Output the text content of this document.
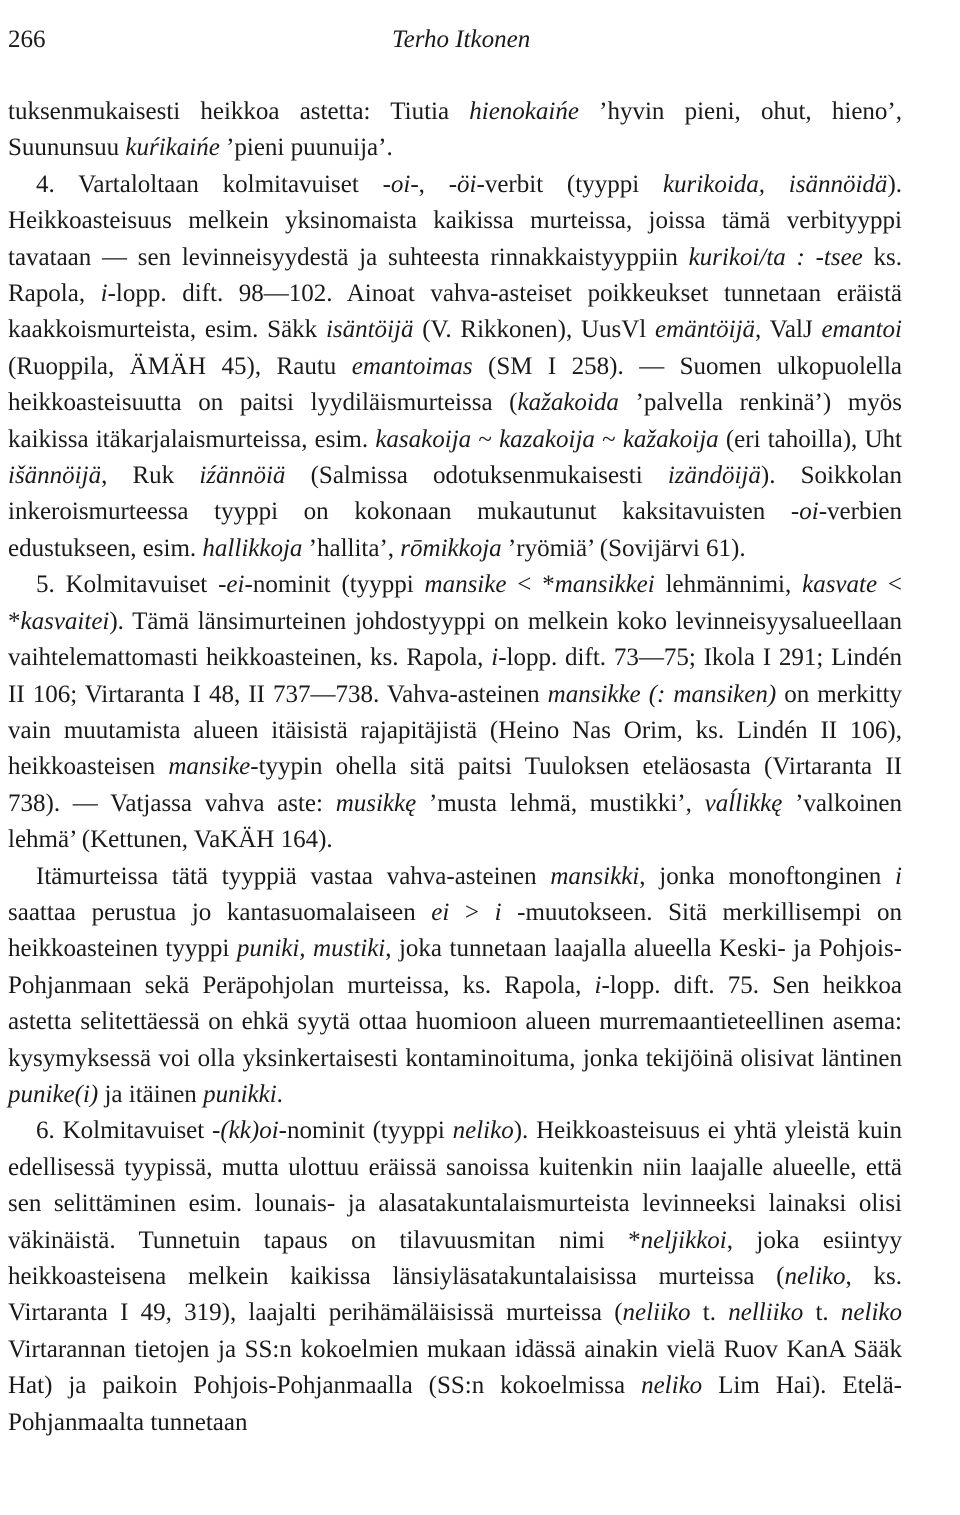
266	Terho Itkonen

tuksenmukaisesti heikkoa astetta: Tiutia hienokaińe ’hyvin pieni, ohut, hieno’, Suununsuu kuŕikaińe ’pieni puunuija’.

4. Vartaloltaan kolmitavuiset -oi-, -öi-verbit (tyyppi kurikoida, isännöidä). Heikkoasteisuus melkein yksinomaista kaikissa murteissa, joissa tämä verbityyppi tavataan — sen levinneisyydestä ja suhteesta rinnakkaistyyppiin kurikoi/ta : -tsee ks. Rapola, i-lopp. dift. 98—102. Ainoat vahva-asteiset poikkeukset tunnetaan eräistä kaakkoismurteista, esim. Säkk isäntöijä (V. Rikkonen), UusVl emäntöijä, ValJ emantoi (Ruoppila, ÄMÄH 45), Rautu emantoimas (SM I 258). — Suomen ulkopuolella heikkoasteisuutta on paitsi lyydiläismurteissa (kažakoida ’palvella renkinä’) myös kaikissa itäkarjalaismurteissa, esim. kasakoija ~ kazakoija ~ kažakoija (eri tahoilla), Uht išännöijä, Ruk iźännöiä (Salmissa odotuksenmukaisesti izändöijä). Soikkolan inkeroismurteessa tyyppi on kokonaan mukautunut kaksitavuisten -oi-verbien edustukseen, esim. hallikkoja ’hallita’, rōmikkoja ’ryömiä’ (Sovijärvi 61).

5. Kolmitavuiset -ei-nominit (tyyppi mansike < *mansikkei lehmännimi, kasvate < *kasvaitei). Tämä länsimurteinen johdostyyppi on melkein koko levinneisyysalueellaan vaihtelemattomasti heikkoasteinen, ks. Rapola, i-lopp. dift. 73—75; Ikola I 291; Lindén II 106; Virtaranta I 48, II 737—738. Vahva-asteinen mansikke (: mansiken) on merkitty vain muutamista alueen itäisistä rajapitäjistä (Heino Nas Orim, ks. Lindén II 106), heikkoasteisen mansike-tyypin ohella sitä paitsi Tuuloksen eteläosasta (Virtaranta II 738). — Vatjassa vahva aste: musikkę ’musta lehmä, mustikki’, vaĺlikkę ’valkoinen lehmä’ (Kettunen, VaKÄH 164).

Itämurteissa tätä tyyppiä vastaa vahva-asteinen mansikki, jonka monoftonginen i saattaa perustua jo kantasuomalaiseen ei > i -muutokseen. Sitä merkillisempi on heikkoasteinen tyyppi puniki, mustiki, joka tunnetaan laajalla alueella Keski- ja Pohjois-Pohjanmaan sekä Peräpohjolan murteissa, ks. Rapola, i-lopp. dift. 75. Sen heikkoa astetta selitettäessä on ehkä syytä ottaa huomioon alueen murremaantieteellinen asema: kysymyksessä voi olla yksinkertaisesti kontaminoituma, jonka tekijöinä olisivat läntinen punike(i) ja itäinen punikki.

6. Kolmitavuiset -(kk)oi-nominit (tyyppi neliko). Heikkoasteisuus ei yhtä yleistä kuin edellisessä tyypissä, mutta ulottuu eräissä sanoissa kuitenkin niin laajalle alueelle, että sen selittäminen esim. lounais- ja alasatakuntalaismurteista levinneeksi lainaksi olisi väkinäistä. Tunnetuin tapaus on tilavuusmitan nimi *neljikkoi, joka esiintyy heikkoasteisena melkein kaikissa länsiyläsatakuntalaisissa murteissa (neliko, ks. Virtaranta I 49, 319), laajalti perihämäläisissä murteissa (neliiko t. nelliiko t. neliko Virtarannan tietojen ja SS:n kokoelmien mukaan idässä ainakin vielä Ruov KanA Sääk Hat) ja paikoin Pohjois-Pohjanmaalla (SS:n kokoelmissa neliko Lim Hai). Etelä-Pohjanmaalta tunnetaan
